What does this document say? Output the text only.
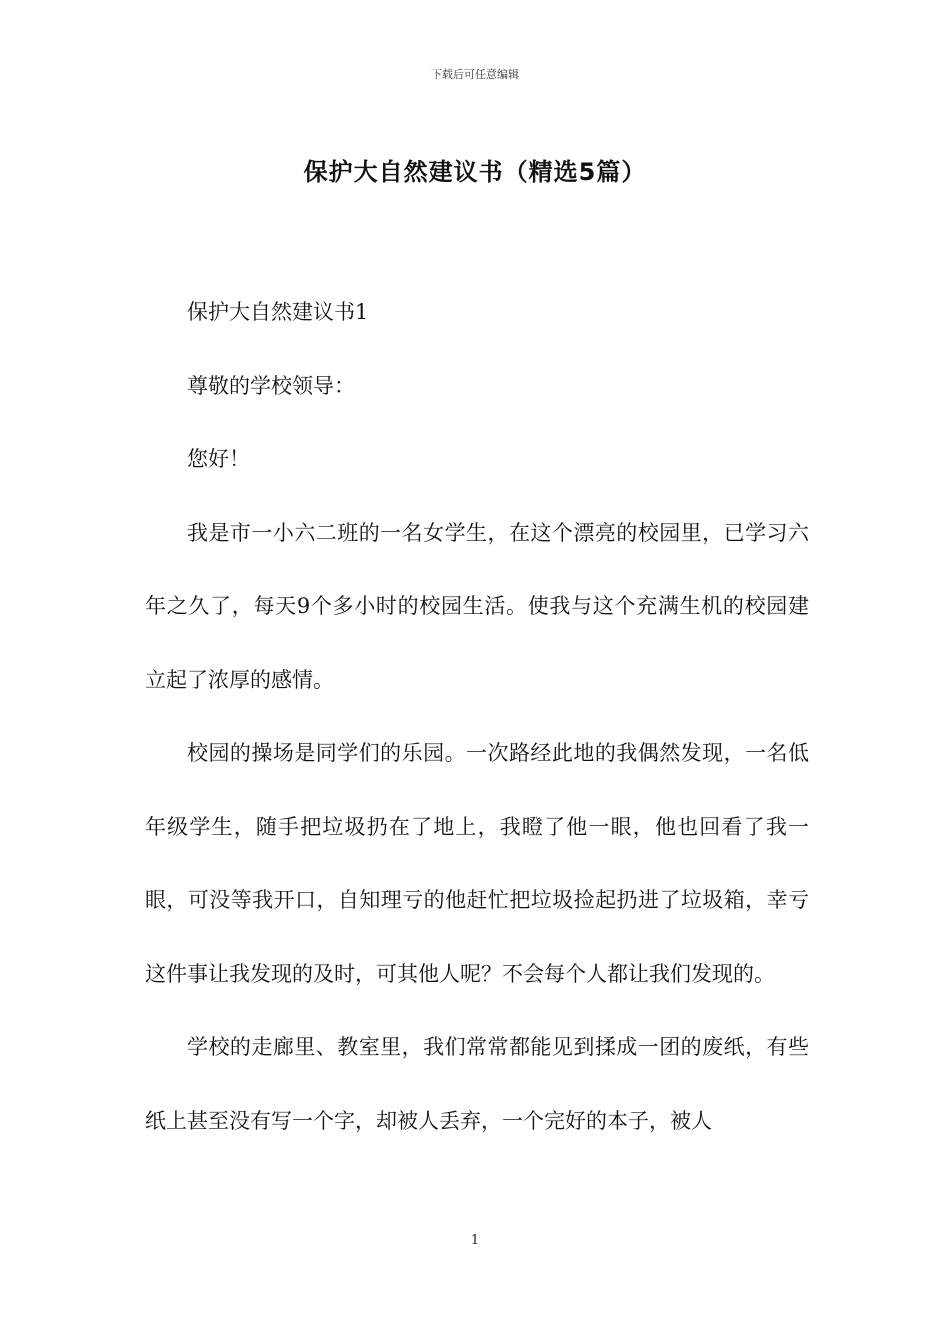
下载后可任意编辑
保护大自然建议书（精选5篇）

保护大自然建议书1

尊敬的学校领导：

您好！

我是市一小六二班的一名女学生，在这个漂亮的校园里，已学习六年之久了，每天9个多小时的校园生活。使我与这个充满生机的校园建立起了浓厚的感情。

校园的操场是同学们的乐园。一次路经此地的我偶然发现，一名低年级学生，随手把垃圾扔在了地上，我瞪了他一眼，他也回看了我一眼，可没等我开口，自知理亏的他赶忙把垃圾捡起扔进了垃圾箱，幸亏这件事让我发现的及时，可其他人呢？不会每个人都让我们发现的。

学校的走廊里、教室里，我们常常都能见到揉成一团的废纸，有些纸上甚至没有写一个字，却被人丢弃，一个完好的本子，被人

1
